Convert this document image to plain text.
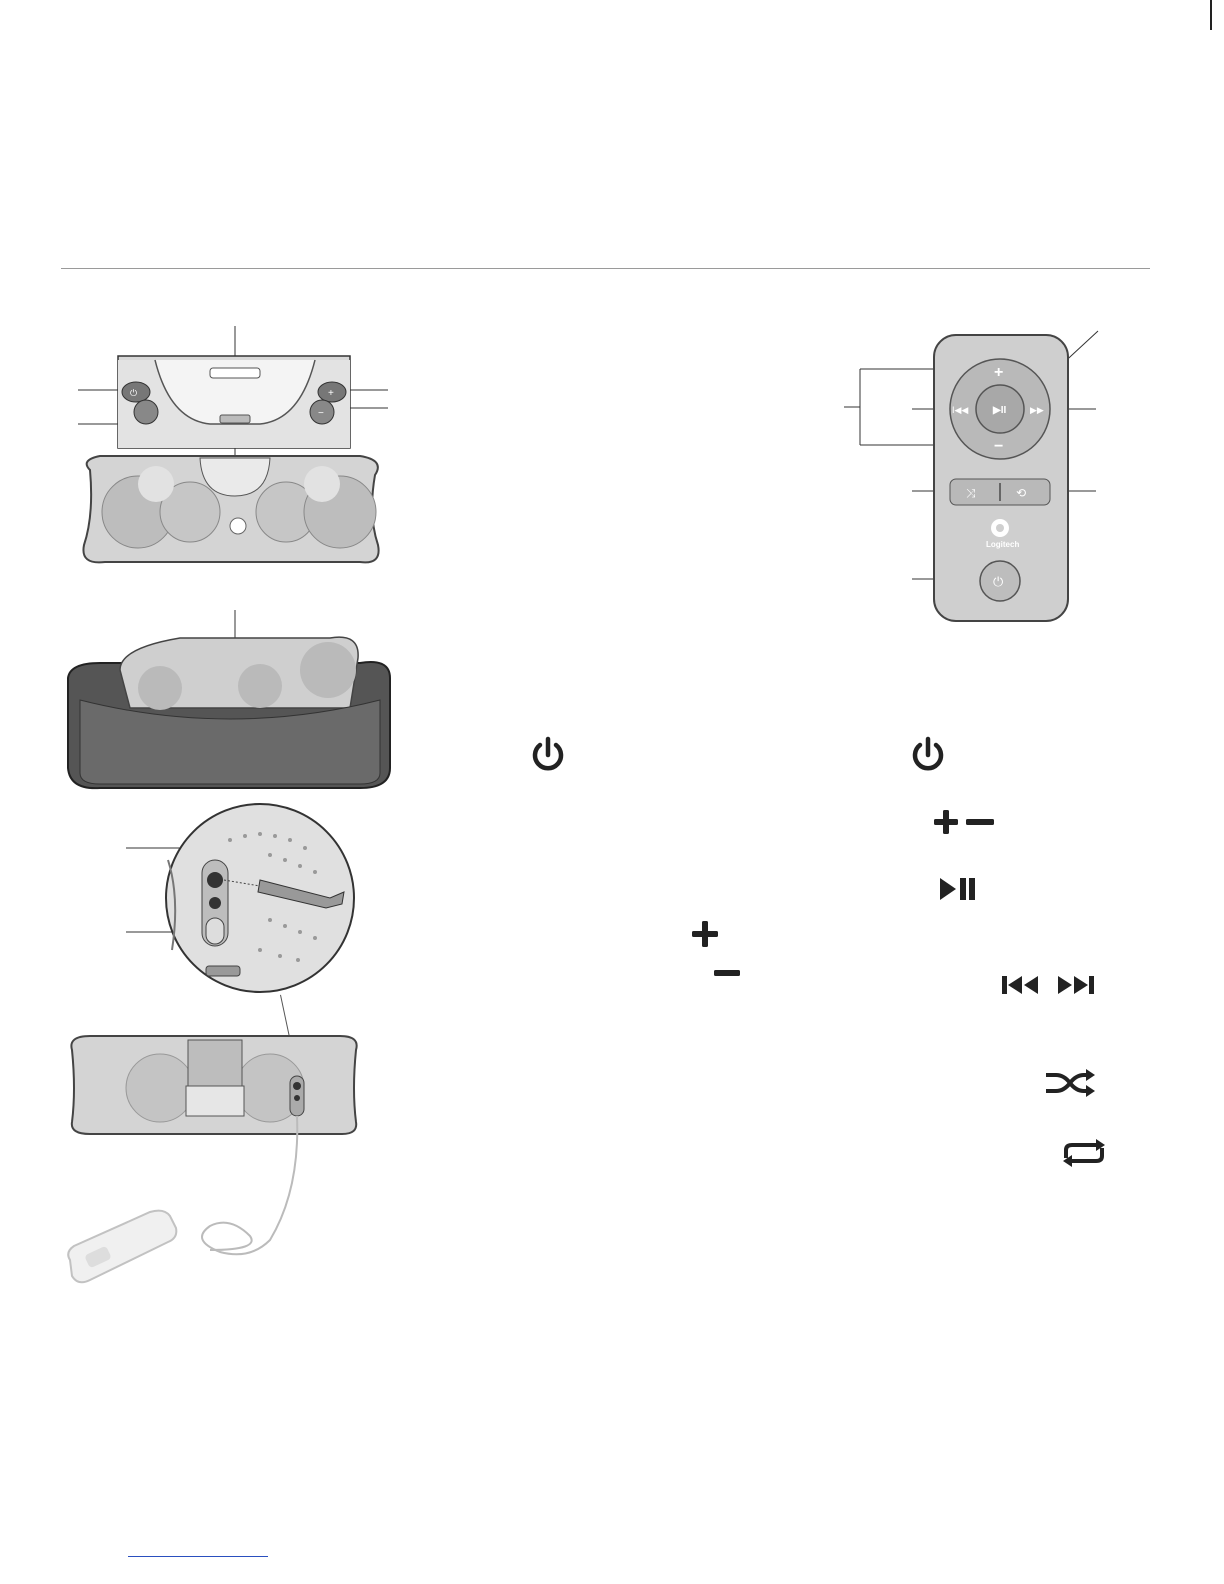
⏻	+
−	▶II
+
−
I◀◀	▶▶
⤨	⟲
Logitech
⏻
